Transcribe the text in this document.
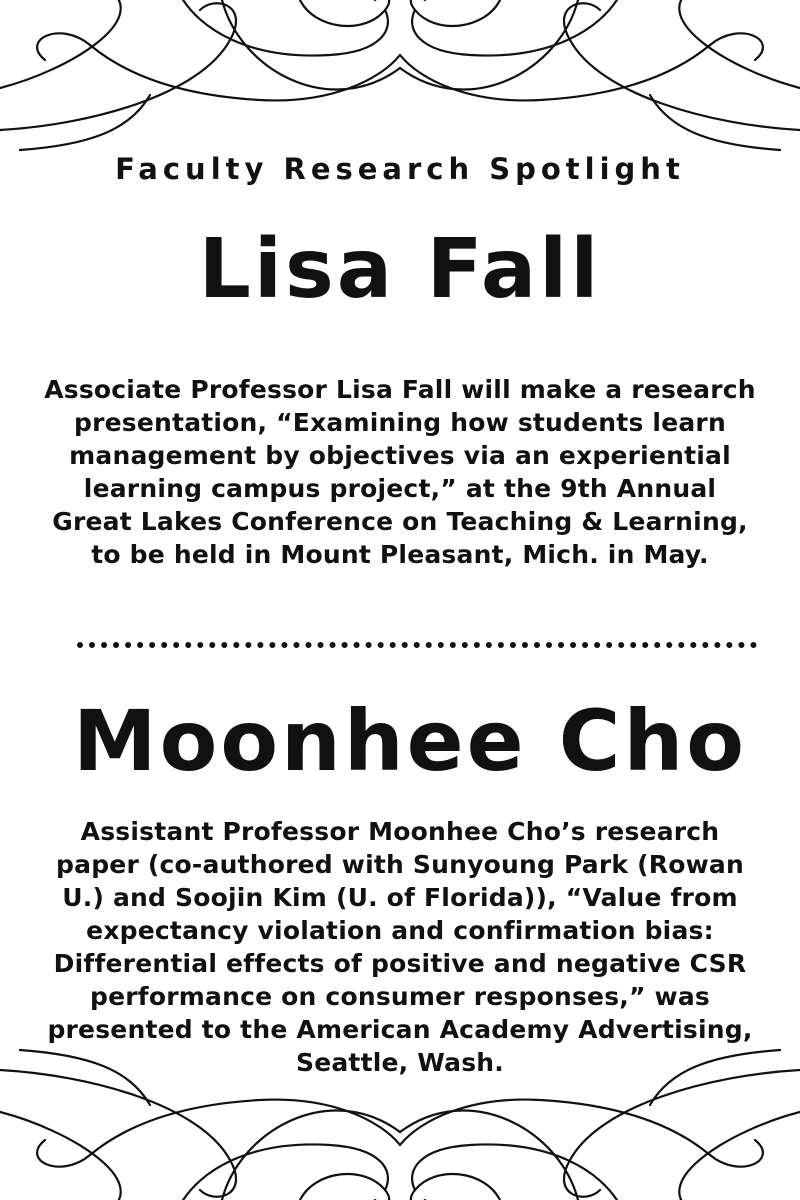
Faculty Research Spotlight
Lisa Fall
Associate Professor Lisa Fall will make a research presentation, “Examining how students learn management by objectives via an experiential learning campus project,” at the 9th Annual Great Lakes Conference on Teaching & Learning, to be held in Mount Pleasant, Mich. in May.
Moonhee Cho
Assistant Professor Moonhee Cho’s research paper (co-authored with Sunyoung Park (Rowan U.) and Soojin Kim (U. of Florida)), “Value from expectancy violation and confirmation bias: Differential effects of positive and negative CSR performance on consumer responses,” was presented to the American Academy Advertising, Seattle, Wash.
